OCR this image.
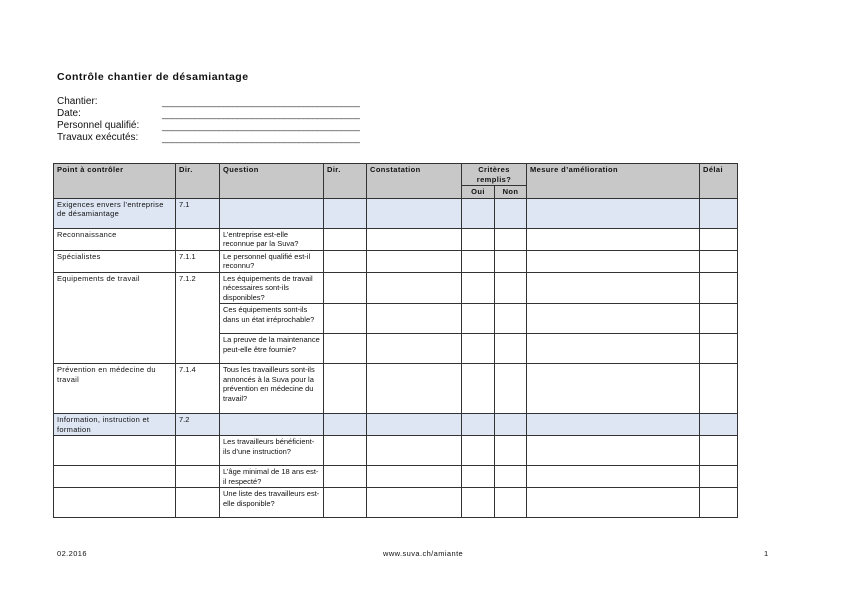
Contrôle chantier de désamiantage
Chantier:	__________________________________________
Date:	__________________________________________
Personnel qualifié:	__________________________________________
Travaux exécutés:	__________________________________________
Point à contrôler	Dir.	Question	Dir.	Constatation	Critères remplis?		Mesure d’amélioration	Délai
					Oui	Non		
Exigences envers l’entreprise de désamiantage	7.1							
Reconnaissance		L’entreprise est-elle reconnue par la Suva?						
Spécialistes	7.1.1	Le personnel qualifié est-il reconnu?						
Equipements de travail	7.1.2	Les équipements de travail nécessaires sont-ils disponibles?						
		Ces équipements sont-ils dans un état irréprochable?						
		La preuve de la maintenance peut-elle être fournie?						
Prévention en médecine du travail	7.1.4	Tous les travailleurs sont-ils annoncés à la Suva pour la prévention en médecine du travail?						
Information, instruction et formation	7.2							
		Les travailleurs bénéficient-ils d’une instruction?						
		L’âge minimal de 18 ans est-il respecté?						
		Une liste des travailleurs est-elle disponible?						
02.2016	www.suva.ch/amiante	1
